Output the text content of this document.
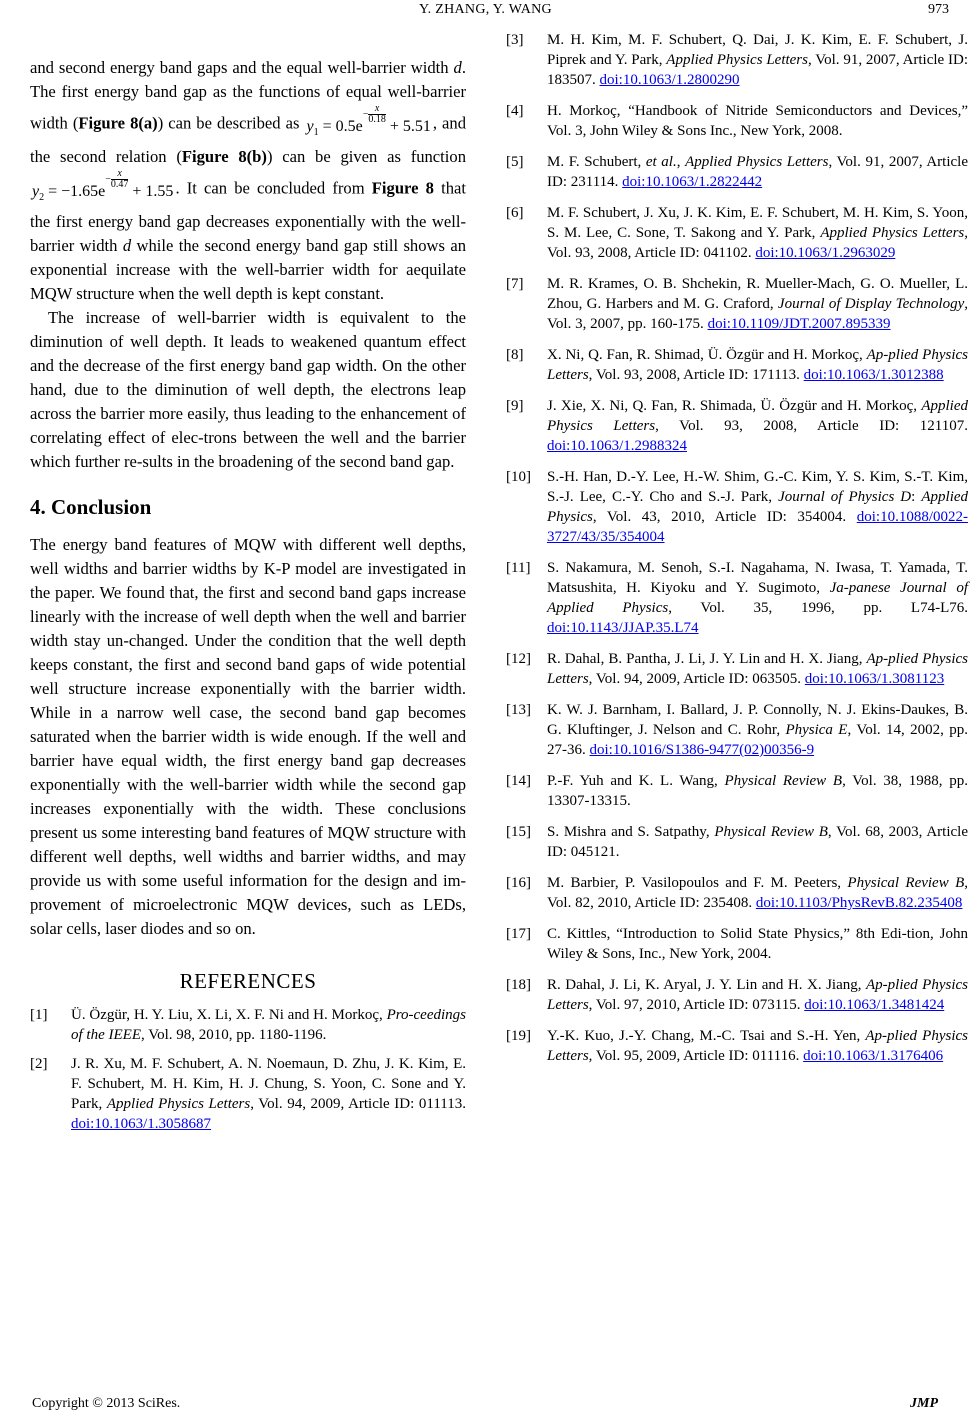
Y. ZHANG, Y. WANG	973

and second energy band gaps and the equal well-barrier width d. The first energy band gap as the functions of equal well-barrier width (Figure 8(a)) can be described as $y_1 = 0.5e- \frac{x}{0.18}$
+ 5.51 , and the second relation (Figure 8(b)) can be given as function $y_2 = -1.65e- \frac{x}{0.47}$
+ 1.55 . It can be concluded from Figure 8 that the first energy band gap decreases exponentially with the well-barrier width d while the second energy band gap still shows an exponential increase with the well-barrier width for aequilate MQW structure when the well depth is kept constant.

The increase of well-barrier width is equivalent to the diminution of well depth. It leads to weakened quantum effect and the decrease of the first energy band gap width. On the other hand, due to the diminution of well depth, the electrons leap across the barrier more easily, thus leading to the enhancement of correlating effect of elec-trons between the well and the barrier which further re-sults in the broadening of the second band gap.

4. Conclusion

The energy band features of MQW with different well depths, well widths and barrier widths by K-P model are investigated in the paper. We found that, the first and second band gaps increase linearly with the increase of well depth when the well and barrier width stay un-changed. Under the condition that the well depth keeps constant, the first and second band gaps of wide potential well structure increase exponentially with the barrier width. While in a narrow well case, the second band gap becomes saturated when the barrier width is wide enough. If the well and barrier have equal width, the first energy band gap decreases exponentially with the well-barrier width while the second gap increases exponentially with the width. These conclusions present us some interesting band features of MQW structure with different well depths, well widths and barrier widths, and may provide us with some useful information for the design and im-provement of microelectronic MQW devices, such as LEDs, solar cells, laser diodes and so on.

REFERENCES
[1] Ü. Özgür, H. Y. Liu, X. Li, X. F. Ni and H. Morkoç, Pro-ceedings of the IEEE, Vol. 98, 2010, pp. 1180-1196.
[2] J. R. Xu, M. F. Schubert, A. N. Noemaun, D. Zhu, J. K. Kim, E. F. Schubert, M. H. Kim, H. J. Chung, S. Yoon, C. Sone and Y. Park, Applied Physics Letters, Vol. 94, 2009, Article ID: 011113. doi:10.1063/1.3058687
[3] M. H. Kim, M. F. Schubert, Q. Dai, J. K. Kim, E. F. Schubert, J. Piprek and Y. Park, Applied Physics Letters, Vol. 91, 2007, Article ID: 183507. doi:10.1063/1.2800290
[4] H. Morkoç, “Handbook of Nitride Semiconductors and Devices,” Vol. 3, John Wiley & Sons Inc., New York, 2008.
[5] M. F. Schubert, et al., Applied Physics Letters, Vol. 91, 2007, Article ID: 231114. doi:10.1063/1.2822442
[6] M. F. Schubert, J. Xu, J. K. Kim, E. F. Schubert, M. H. Kim, S. Yoon, S. M. Lee, C. Sone, T. Sakong and Y. Park, Applied Physics Letters, Vol. 93, 2008, Article ID: 041102. doi:10.1063/1.2963029
[7] M. R. Krames, O. B. Shchekin, R. Mueller-Mach, G. O. Mueller, L. Zhou, G. Harbers and M. G. Craford, Journal of Display Technology, Vol. 3, 2007, pp. 160-175. doi:10.1109/JDT.2007.895339
[8] X. Ni, Q. Fan, R. Shimad, Ü. Özgür and H. Morkoç, Ap-plied Physics Letters, Vol. 93, 2008, Article ID: 171113. doi:10.1063/1.3012388
[9] J. Xie, X. Ni, Q. Fan, R. Shimada, Ü. Özgür and H. Morkoç, Applied Physics Letters, Vol. 93, 2008, Article ID: 121107. doi:10.1063/1.2988324
[10] S.-H. Han, D.-Y. Lee, H.-W. Shim, G.-C. Kim, Y. S. Kim, S.-T. Kim, S.-J. Lee, C.-Y. Cho and S.-J. Park, Journal of Physics D: Applied Physics, Vol. 43, 2010, Article ID: 354004. doi:10.1088/0022-3727/43/35/354004
[11] S. Nakamura, M. Senoh, S.-I. Nagahama, N. Iwasa, T. Yamada, T. Matsushita, H. Kiyoku and Y. Sugimoto, Ja-panese Journal of Applied Physics, Vol. 35, 1996, pp. L74-L76. doi:10.1143/JJAP.35.L74
[12] R. Dahal, B. Pantha, J. Li, J. Y. Lin and H. X. Jiang, Ap-plied Physics Letters, Vol. 94, 2009, Article ID: 063505. doi:10.1063/1.3081123
[13] K. W. J. Barnham, I. Ballard, J. P. Connolly, N. J. Ekins-Daukes, B. G. Kluftinger, J. Nelson and C. Rohr, Physica E, Vol. 14, 2002, pp. 27-36. doi:10.1016/S1386-9477(02)00356-9
[14] P.-F. Yuh and K. L. Wang, Physical Review B, Vol. 38, 1988, pp. 13307-13315.
[15] S. Mishra and S. Satpathy, Physical Review B, Vol. 68, 2003, Article ID: 045121.
[16] M. Barbier, P. Vasilopoulos and F. M. Peeters, Physical Review B, Vol. 82, 2010, Article ID: 235408. doi:10.1103/PhysRevB.82.235408
[17] C. Kittles, “Introduction to Solid State Physics,” 8th Edi-tion, John Wiley & Sons, Inc., New York, 2004.
[18] R. Dahal, J. Li, K. Aryal, J. Y. Lin and H. X. Jiang, Ap-plied Physics Letters, Vol. 97, 2010, Article ID: 073115. doi:10.1063/1.3481424
[19] Y.-K. Kuo, J.-Y. Chang, M.-C. Tsai and S.-H. Yen, Ap-plied Physics Letters, Vol. 95, 2009, Article ID: 011116. doi:10.1063/1.3176406
Copyright © 2013 SciRes.	JMP
